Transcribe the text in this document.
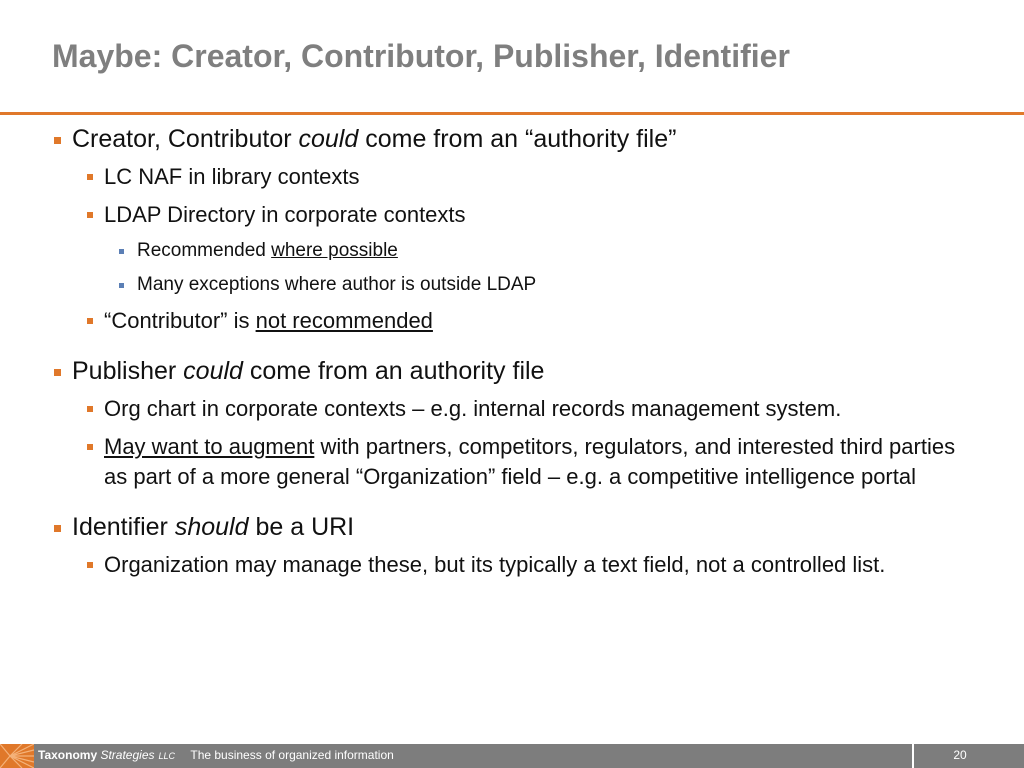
Maybe: Creator, Contributor, Publisher, Identifier

Creator, Contributor could come from an “authority file”

LC NAF in library contexts

LDAP Directory in corporate contexts

Recommended where possible

Many exceptions where author is outside LDAP

“Contributor” is not recommended

Publisher could come from an authority file

Org chart in corporate contexts – e.g. internal records management system.

May want to augment with partners, competitors, regulators, and interested third parties as part of a more general “Organization” field – e.g. a competitive intelligence portal

Identifier should be a URI

Organization may manage these, but its typically a text field, not a controlled list.

Taxonomy Strategies LLC The business of organized information	20
